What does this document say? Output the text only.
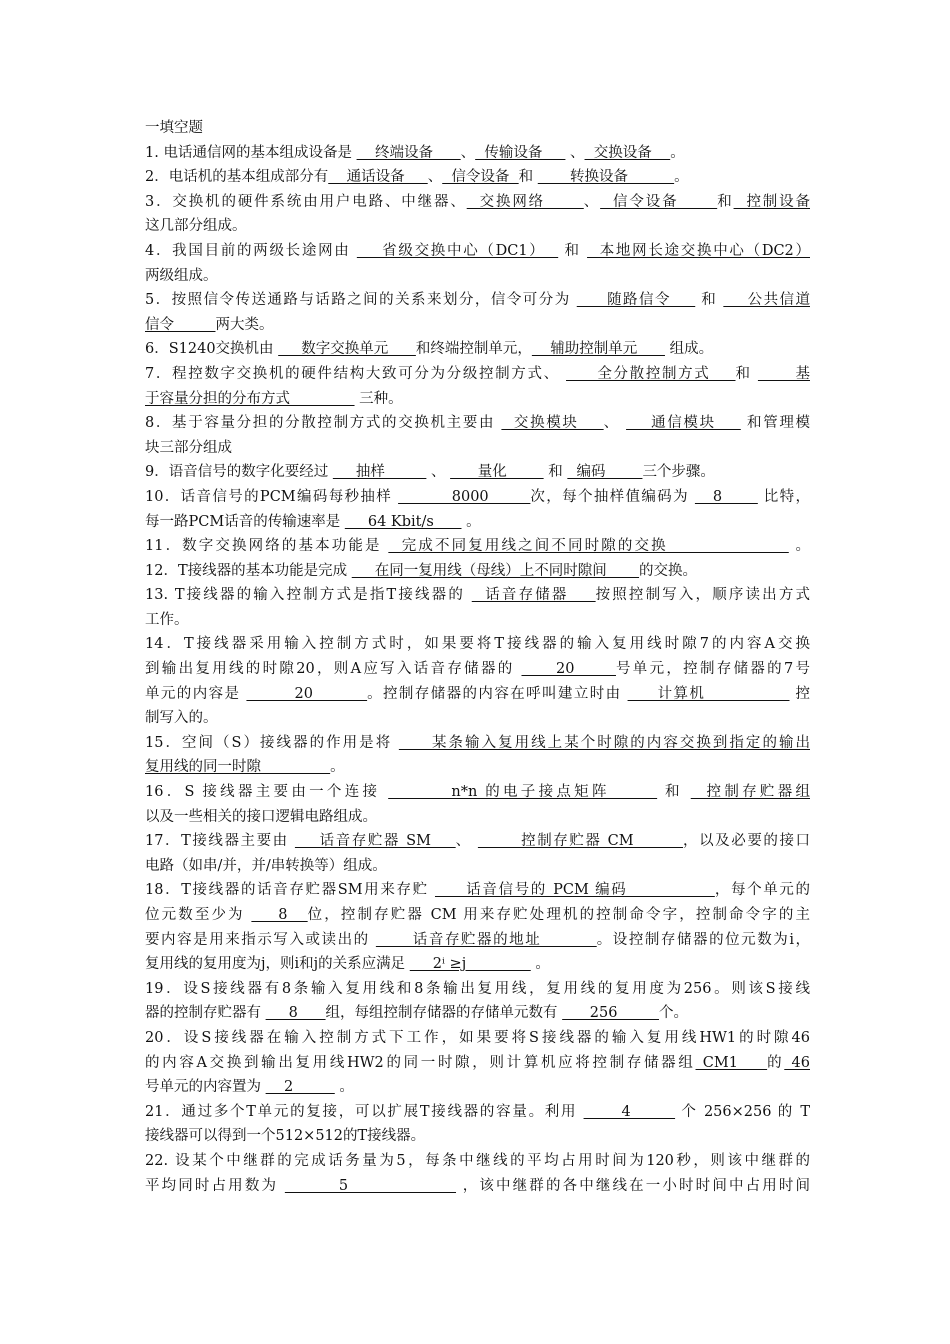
一填空题
1. 电话通信网的基本组成设备是     终端设备      、  传输设备      、  交换设备    。
2．电话机的基本组成部分有    通话设备     、  信令设备  和        转换设备          。
3．交换机的硬件系统由用户电路、中继器、  交换网络      、  信令设备      和  控制设备
这几部分组成。
4．我国目前的两级长途网由     省级交换中心（DC1）   和   本地网长途交换中心（DC2）
两级组成。
5．按照信令传送通路与话路之间的关系来划分，信令可分为      随路信令     和     公共信道
信令         两大类。
6．S1240交换机由      数字交换单元      和终端控制单元，    辅助控制单元       组成。
7．程控数字交换机的硬件结构大致可分为分级控制方式、      全分散控制方式    和       基
于容量分担的分布方式               三种。
8．基于容量分担的分散控制方式的交换机主要由   交换模块    、     通信模块     和管理模
块三部分组成
9．语音信号的数字化要经过      抽样          、       量化         和   编码        三个步骤。
10．话音信号的PCM编码每秒抽样          8000       次，每个抽样值编码为    8       比特，
每一路PCM话音的传输速率是      64 Kbit/s       。
11．数字交换网络的基本功能是   完成不同复用线之间不同时隙的交换                   。
12．T接线器的基本功能是完成      在同一复用线（母线）上不同时隙间       的交换。
13. T接线器的输入控制方式是指T接线器的   话音存储器    按照控制写入，顺序读出方式
工作。
14．T接线器采用输入控制方式时，如果要将T接线器的输入复用线时隙7的内容A交换
到输出复用线的时隙20，则A应写入话音存储器的      20      号单元，控制存储器的7号
单元的内容是         20         。控制存储器的内容在呼叫建立时由      计算机               控
制写入的。
15．空间（S）接线器的作用是将      某条输入复用线上某个时隙的内容交换到指定的输出
复用线的同一时隙               。
16．S 接线器主要由一个连接         n*n 的电子接点矩阵       和   控制存贮器组
以及一些相关的接口逻辑电路组成。
17．T接线器主要由     话音存贮器 SM    、        控制存贮器 CM        ，以及必要的接口
电路（如串/并，并/串转换等）组成。
18．T接线器的话音存贮器SM用来存贮      话音信号的 PCM 编码              ，每个单元的
位元数至少为     8   位，控制存贮器 CM 用来存贮处理机的控制命令字，控制命令字的主
要内容是用来指示写入或读出的       话音存贮器的地址         。设控制存储器的位元数为i，
复用线的复用度为j，则i和j的关系应满足      2ⁱ ≥j               。
19．设S接线器有8条输入复用线和8条输出复用线，复用线的复用度为256。则该S接线
器的控制存贮器有      8      组，每组控制存储器的存储单元数有       256         个。
20．设S接线器在输入控制方式下工作，如果要将S接线器的输入复用线HW1的时隙46
的内容A交换到输出复用线HW2的同一时隙，则计算机应将控制存储器组 CM1    的 46
号单元的内容置为     2          。
21．通过多个T单元的复接，可以扩展T接线器的容量。利用       4        个 256×256 的 T
接线器可以得到一个512×512的T接线器。
22. 设某个中继群的完成话务量为5，每条中继线的平均占用时间为120秒，则该中继群的
平均同时占用数为         5                 ，该中继群的各中继线在一小时时间中占用时间
